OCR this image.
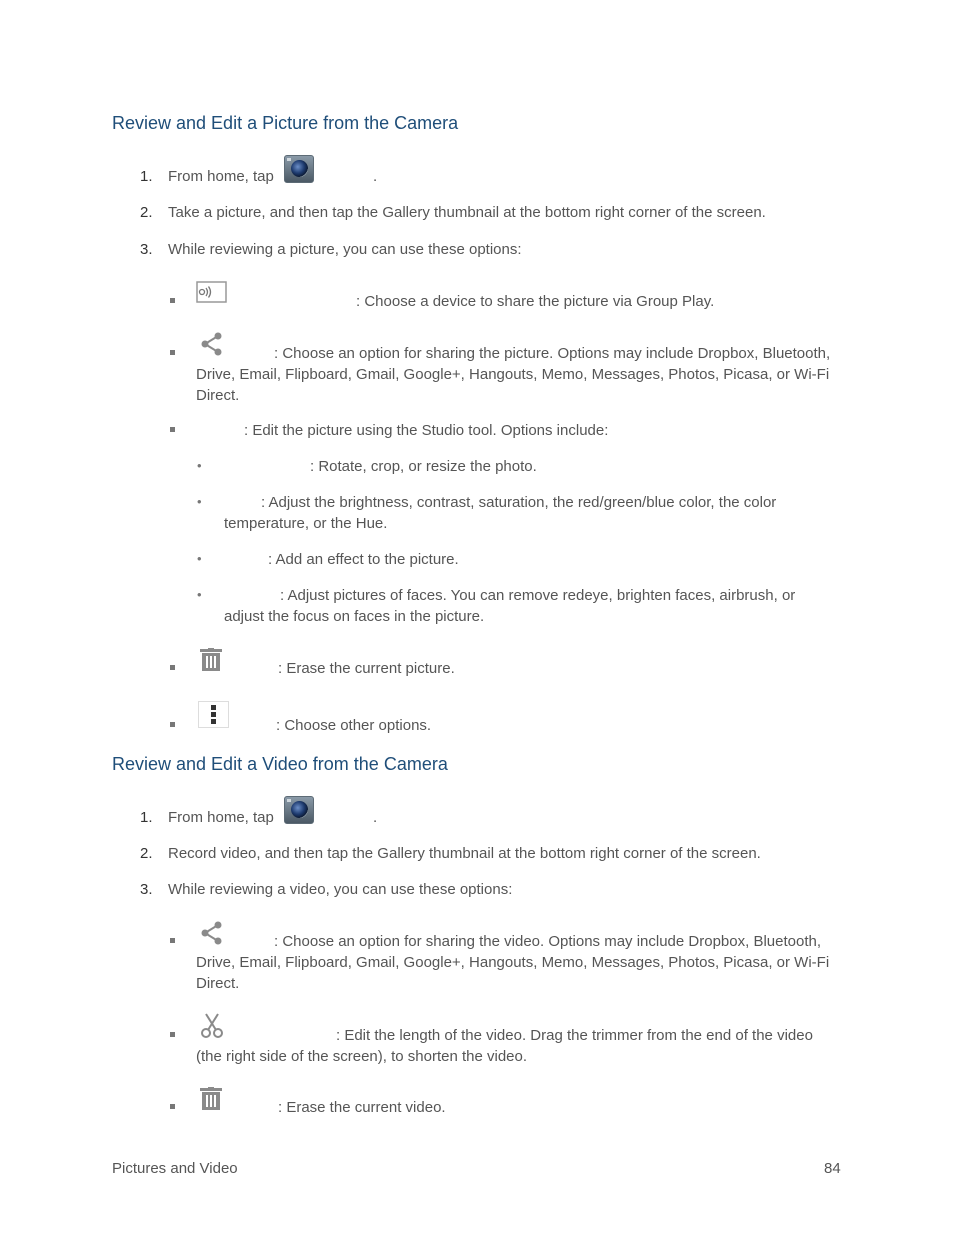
Review and Edit a Picture from the Camera
1. From home, tap	.
2. Take a picture, and then tap the Gallery thumbnail at the bottom right corner of the screen.
3. While reviewing a picture, you can use these options:
: Choose a device to share the picture via Group Play.
: Choose an option for sharing the picture. Options may include Dropbox, Bluetooth, Drive, Email, Flipboard, Gmail, Google+, Hangouts, Memo, Messages, Photos, Picasa, or Wi-Fi Direct.
: Edit the picture using the Studio tool. Options include:
•	: Rotate, crop, or resize the photo.
•	: Adjust the brightness, contrast, saturation, the red/green/blue color, the color temperature, or the Hue.
•	: Add an effect to the picture.
•	: Adjust pictures of faces. You can remove redeye, brighten faces, airbrush, or adjust the focus on faces in the picture.
: Erase the current picture.
: Choose other options.
Review and Edit a Video from the Camera
1. From home, tap	.
2. Record video, and then tap the Gallery thumbnail at the bottom right corner of the screen.
3. While reviewing a video, you can use these options:
: Choose an option for sharing the video. Options may include Dropbox, Bluetooth, Drive, Email, Flipboard, Gmail, Google+, Hangouts, Memo, Messages, Photos, Picasa, or Wi-Fi Direct.
: Edit the length of the video. Drag the trimmer from the end of the video (the right side of the screen), to shorten the video.
: Erase the current video.
Pictures and Video	84
